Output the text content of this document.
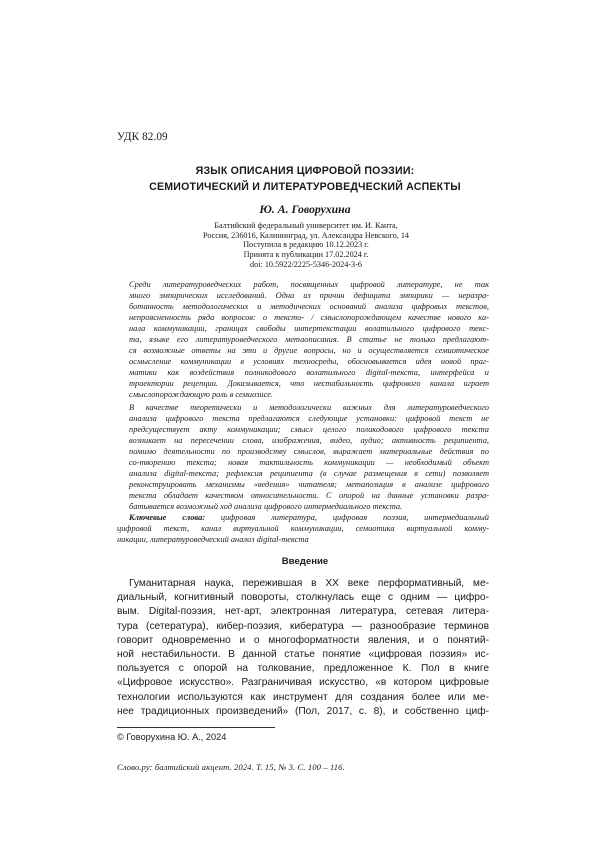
УДК 82.09
ЯЗЫК ОПИСАНИЯ ЦИФРОВОЙ ПОЭЗИИ:
СЕМИОТИЧЕСКИЙ И ЛИТЕРАТУРОВЕДЧЕСКИЙ АСПЕКТЫ
Ю. А. Говорухина
Балтийский федеральный университет им. И. Канта,
Россия, 236016, Калининград, ул. Александра Невского, 14
Поступила в редакцию 10.12.2023 г.
Принята к публикации 17.02.2024 г.
doi: 10.5922/2225-5346-2024-3-6
Среди литературоведческих работ, посвященных цифровой литературе, не так
много эмпирических исследований. Одна из причин дефицита эмпирики — неразра-
ботанность методологических и методических оснований анализа цифровых текстов,
непроясненность ряда вопросов: о тексто- / смыслопорождающем качестве нового ка-
нала коммуникации, границах свободы интертекстации волатильного цифрового текс-
та, языке его литературоведческого метаописания. В статье не только предлагают-
ся возможные ответы на эти и другие вопросы, но и осуществляется семиотическое
осмысление коммуникации в условиях техносреды, обосновывается идея новой праг-
матики как воздействия полникодового волатильного digital-текста, интерфейса и
траектории рецепции. Доказывается, что нестабильность цифрового канала играет
смыслопорождающую роль в семиозисе.
В качестве теоретически и методологически важных для литературоведческого
анализа цифрового текста предлагаются следующие установки: цифровой текст не
предсуществует акту коммуникации; смысл целого поликодового цифрового текста
возникает на пересечении слова, изображения, видео, аудио; активность реципиента,
помимо деятельности по производству смыслов, выражает материальные действия по
со-творению текста; новая тактильность коммуникации — необходимый объект
анализа digital-текста; рефлексия реципиента (в случае размещения в сети) позволяет
реконструировать механизмы «ведения» читателя; метапозиция в анализе цифрового
текста обладает качеством относительности. С опорой на данные установки разра-
батывается возможный ход анализа цифрового интермедиального текста.
Ключевые слова: цифровая литература, цифровая поэзия, интермедиальный
цифровой текст, канал виртуальной коммуникации, семиотика виртуальной комму-
никации, литературоведческий анализ digital-текста
Введение
Гуманитарная наука, пережившая в XX веке перформативный, ме-
диальный, когнитивный повороты, столкнулась еще с одним — цифро-
вым. Digital-поэзия, нет-арт, электронная литература, сетевая литера-
тура (сетература), кибер-поэзия, кибература — разнообразие терминов
говорит одновременно и о многоформатности явления, и о понятий-
ной нестабильности. В данной статье понятие «цифровая поэзия» ис-
пользуется с опорой на толкование, предложенное К. Пол в книге
«Цифровое искусство». Разграничивая искусство, «в котором цифровые
технологии используются как инструмент для создания более или ме-
нее традиционных произведений» (Пол, 2017, с. 8), и собственно циф-
© Говорухина Ю. А., 2024
Слово.ру: балтийский акцент. 2024. Т. 15, № 3. С. 100 – 116.
